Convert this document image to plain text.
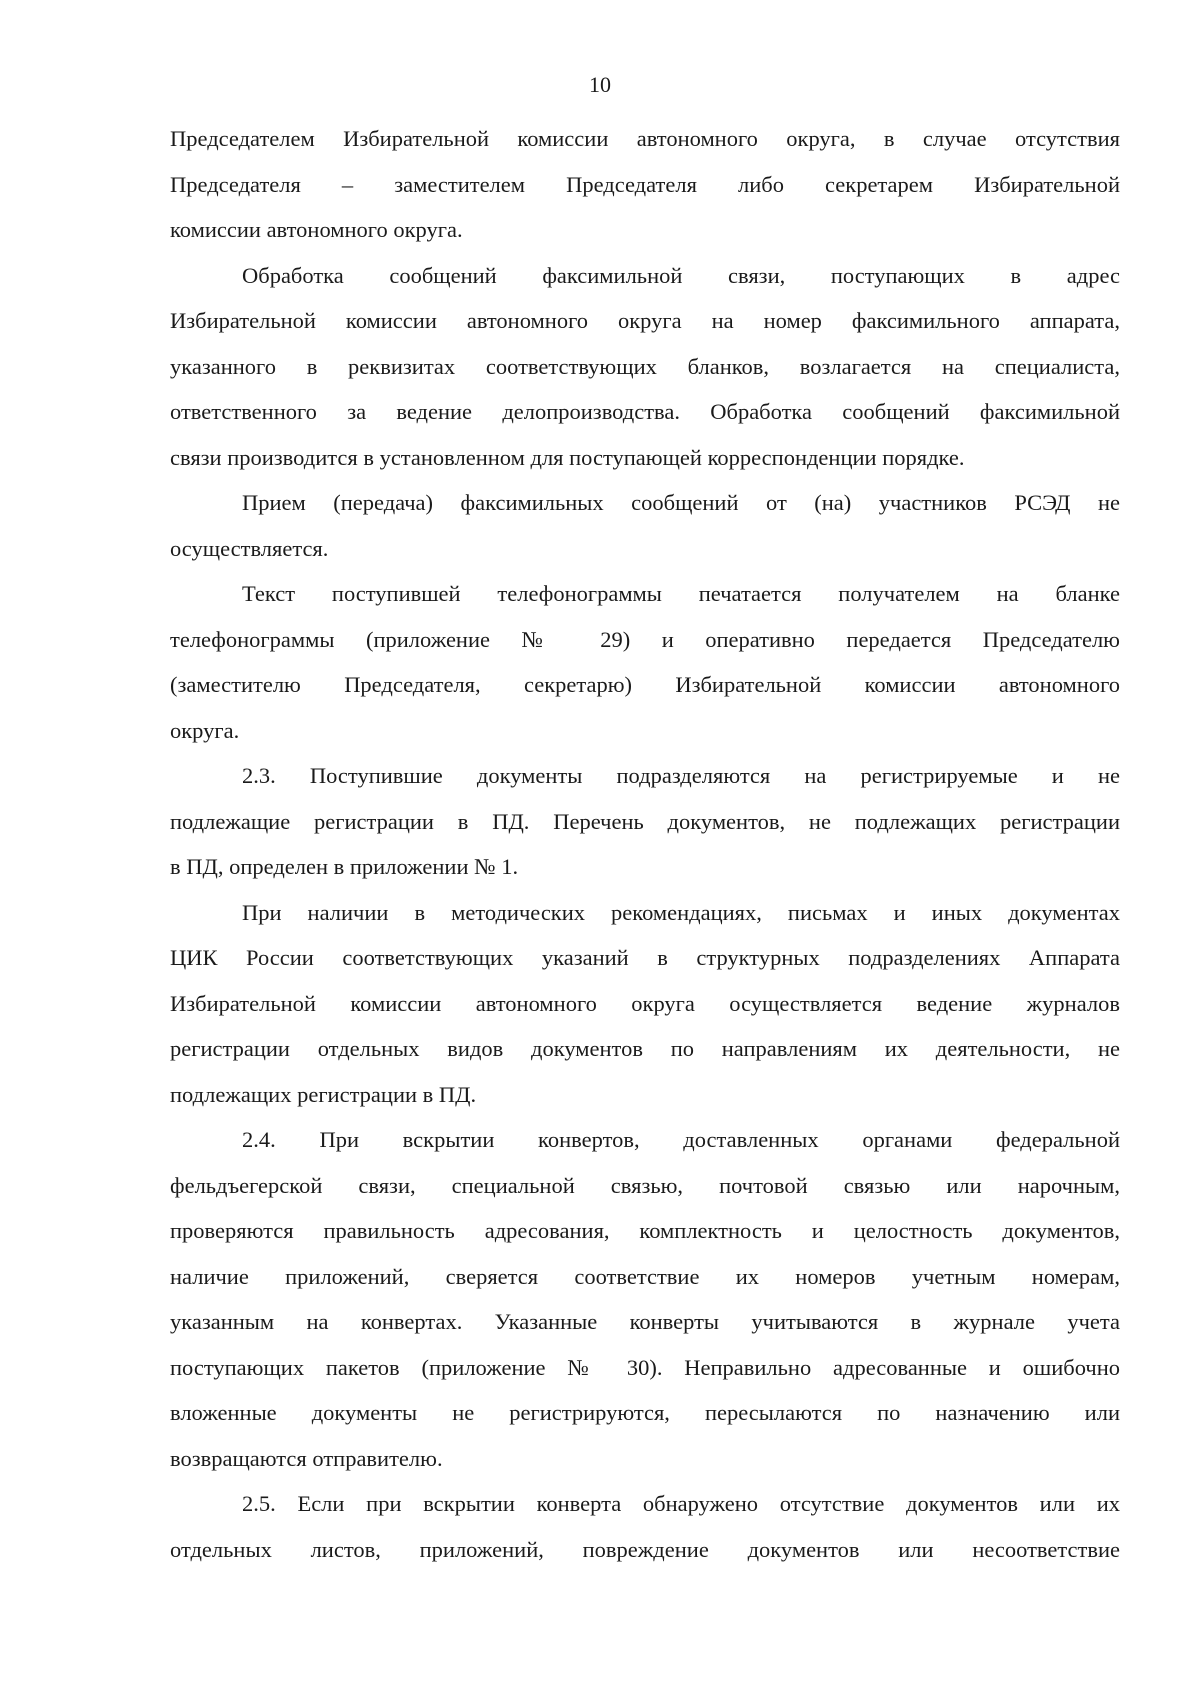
10
Председателем Избирательной комиссии автономного округа, в случае отсутствия
Председателя – заместителем Председателя либо секретарем Избирательной
комиссии автономного округа.
Обработка сообщений факсимильной связи, поступающих в адрес
Избирательной комиссии автономного округа на номер факсимильного аппарата,
указанного в реквизитах соответствующих бланков, возлагается на специалиста,
ответственного за ведение делопроизводства. Обработка сообщений факсимильной
связи производится в установленном для поступающей корреспонденции порядке.
Прием (передача) факсимильных сообщений от (на) участников РСЭД не
осуществляется.
Текст поступившей телефонограммы печатается получателем на бланке
телефонограммы (приложение № 29) и оперативно передается Председателю
(заместителю Председателя, секретарю) Избирательной комиссии автономного
округа.
2.3. Поступившие документы подразделяются на регистрируемые и не
подлежащие регистрации в ПД. Перечень документов, не подлежащих регистрации
в ПД, определен в приложении № 1.
При наличии в методических рекомендациях, письмах и иных документах
ЦИК России соответствующих указаний в структурных подразделениях Аппарата
Избирательной комиссии автономного округа осуществляется ведение журналов
регистрации отдельных видов документов по направлениям их деятельности, не
подлежащих регистрации в ПД.
2.4. При вскрытии конвертов, доставленных органами федеральной
фельдъегерской связи, специальной связью, почтовой связью или нарочным,
проверяются правильность адресования, комплектность и целостность документов,
наличие приложений, сверяется соответствие их номеров учетным номерам,
указанным на конвертах. Указанные конверты учитываются в журнале учета
поступающих пакетов (приложение № 30). Неправильно адресованные и ошибочно
вложенные документы не регистрируются, пересылаются по назначению или
возвращаются отправителю.
2.5. Если при вскрытии конверта обнаружено отсутствие документов или их
отдельных листов, приложений, повреждение документов или несоответствие
